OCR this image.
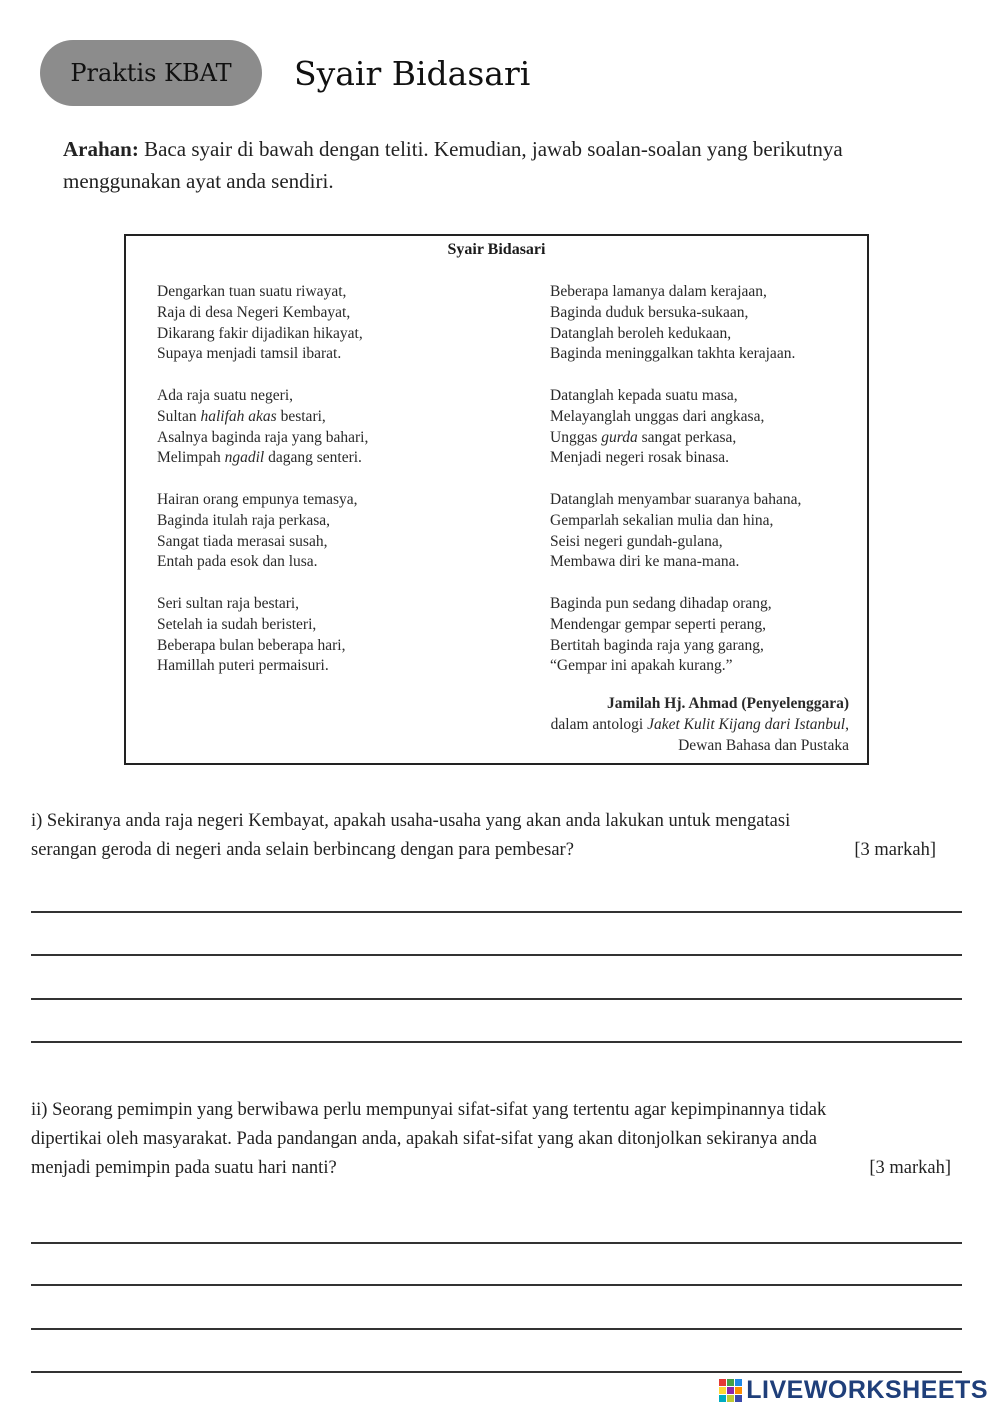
Praktis KBAT	Syair Bidasari
Arahan: Baca syair di bawah dengan teliti. Kemudian, jawab soalan-soalan yang berikutnya menggunakan ayat anda sendiri.
Syair Bidasari
Dengarkan tuan suatu riwayat,
Raja di desa Negeri Kembayat,
Dikarang fakir dijadikan hikayat,
Supaya menjadi tamsil ibarat.
Ada raja suatu negeri,
Sultan halifah akas bestari,
Asalnya baginda raja yang bahari,
Melimpah ngadil dagang senteri.
Hairan orang empunya temasya,
Baginda itulah raja perkasa,
Sangat tiada merasai susah,
Entah pada esok dan lusa.
Seri sultan raja bestari,
Setelah ia sudah beristeri,
Beberapa bulan beberapa hari,
Hamillah puteri permaisuri.
Beberapa lamanya dalam kerajaan,
Baginda duduk bersuka-sukaan,
Datanglah beroleh kedukaan,
Baginda meninggalkan takhta kerajaan.
Datanglah kepada suatu masa,
Melayanglah unggas dari angkasa,
Unggas gurda sangat perkasa,
Menjadi negeri rosak binasa.
Datanglah menyambar suaranya bahana,
Gemparlah sekalian mulia dan hina,
Seisi negeri gundah-gulana,
Membawa diri ke mana-mana.
Baginda pun sedang dihadap orang,
Mendengar gempar seperti perang,
Bertitah baginda raja yang garang,
“Gempar ini apakah kurang.”
Jamilah Hj. Ahmad (Penyelenggara)
dalam antologi Jaket Kulit Kijang dari Istanbul,
Dewan Bahasa dan Pustaka
i) Sekiranya anda raja negeri Kembayat, apakah usaha-usaha yang akan anda lakukan untuk mengatasi
serangan geroda di negeri anda selain berbincang dengan para pembesar?	[3 markah]
ii) Seorang pemimpin yang berwibawa perlu mempunyai sifat-sifat yang tertentu agar kepimpinannya tidak
dipertikai oleh masyarakat. Pada pandangan anda, apakah sifat-sifat yang akan ditonjolkan sekiranya anda
menjadi pemimpin pada suatu hari nanti?	[3 markah]
LIVEWORKSHEETS
